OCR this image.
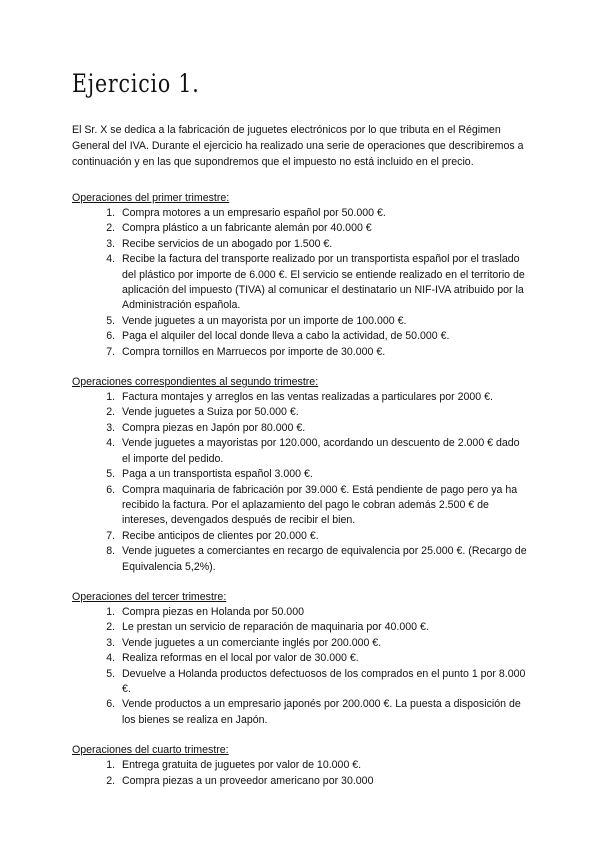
Ejercicio 1.

El Sr. X se dedica a la fabricación de juguetes electrónicos por lo que tributa en el Régimen General del IVA. Durante el ejercicio ha realizado una serie de operaciones que describiremos a continuación y en las que supondremos que el impuesto no está incluido en el precio.

Operaciones del primer trimestre:

1. Compra motores a un empresario español por 50.000 €.
2. Compra plástico a un fabricante alemán por 40.000 €
3. Recibe servicios de un abogado por 1.500 €.
4. Recibe la factura del transporte realizado por un transportista español por el traslado del plástico por importe de 6.000 €. El servicio se entiende realizado en el territorio de aplicación del impuesto (TIVA) al comunicar el destinatario un NIF-IVA atribuido por la Administración española.
5. Vende juguetes a un mayorista por un importe de 100.000 €.
6. Paga el alquiler del local donde lleva a cabo la actividad, de 50.000 €.
7. Compra tornillos en Marruecos por importe de 30.000 €.

Operaciones correspondientes al segundo trimestre:

1. Factura montajes y arreglos en las ventas realizadas a particulares por 2000 €.
2. Vende juguetes a Suiza por 50.000 €.
3. Compra piezas en Japón por 80.000 €.
4. Vende juguetes a mayoristas por 120.000, acordando un descuento de 2.000 € dado el importe del pedido.
5. Paga a un transportista español 3.000 €.
6. Compra maquinaria de fabricación por 39.000 €. Está pendiente de pago pero ya ha recibido la factura. Por el aplazamiento del pago le cobran además 2.500 € de intereses, devengados después de recibir el bien.
7. Recibe anticipos de clientes por 20.000 €.
8. Vende juguetes a comerciantes en recargo de equivalencia por 25.000 €. (Recargo de Equivalencia 5,2%).

Operaciones del tercer trimestre:

1. Compra piezas en Holanda por 50.000
2. Le prestan un servicio de reparación de maquinaria por 40.000 €.
3. Vende juguetes a un comerciante inglés por 200.000 €.
4. Realiza reformas en el local por valor de 30.000 €.
5. Devuelve a Holanda productos defectuosos de los comprados en el punto 1 por 8.000 €.
6. Vende productos a un empresario japonés por 200.000 €. La puesta a disposición de los bienes se realiza en Japón.

Operaciones del cuarto trimestre:

1. Entrega gratuita de juguetes por valor de 10.000 €.
2. Compra piezas a un proveedor americano por 30.000
